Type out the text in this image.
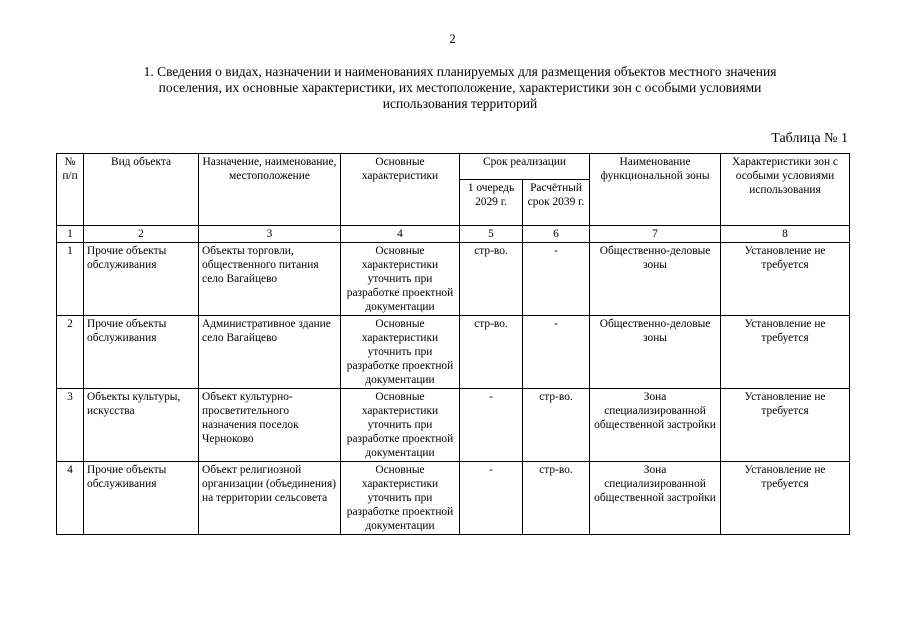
2
1. Сведения о видах, назначении и наименованиях планируемых для размещения объектов местного значения
поселения, их основные характеристики, их местоположение, характеристики зон с особыми условиями
использования территорий
Таблица № 1
№ п/п	Вид объекта	Назначение, наименование, местоположение	Основные характеристики	Срок реализации		Наименование функциональной зоны	Характеристики зон с особыми условиями использования
				1 очередь 2029 г.	Расчётный срок 2039 г.		
1	2	3	4	5	6	7	8
1	Прочие объекты обслуживания	Объекты торговли, общественного питания село Вагайцево	Основные характеристики уточнить при разработке проектной документации	стр-во.	-	Общественно-деловые зоны	Установление не требуется
2	Прочие объекты обслуживания	Административное здание село Вагайцево	Основные характеристики уточнить при разработке проектной документации	стр-во.	-	Общественно-деловые зоны	Установление не требуется
3	Объекты культуры, искусства	Объект культурно-просветительного назначения поселок Черноково	Основные характеристики уточнить при разработке проектной документации	-	стр-во.	Зона специализированной общественной застройки	Установление не требуется
4	Прочие объекты обслуживания	Объект религиозной организации (объединения) на территории сельсовета	Основные характеристики уточнить при разработке проектной документации	-	стр-во.	Зона специализированной общественной застройки	Установление не требуется
